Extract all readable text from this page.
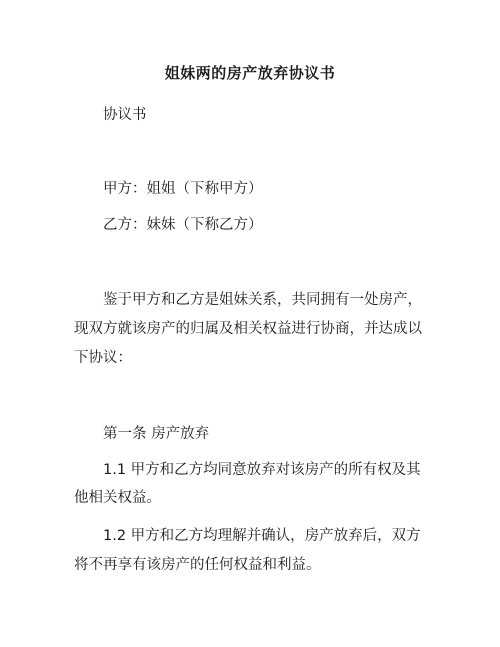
姐妹两的房产放弃协议书
协议书
甲方：姐姐（下称甲方）
乙方：妹妹（下称乙方）
鉴于甲方和乙方是姐妹关系，共同拥有一处房产，
现双方就该房产的归属及相关权益进行协商，并达成以
下协议：
第一条 房产放弃
1.1 甲方和乙方均同意放弃对该房产的所有权及其
他相关权益。
1.2 甲方和乙方均理解并确认，房产放弃后，双方
将不再享有该房产的任何权益和利益。
